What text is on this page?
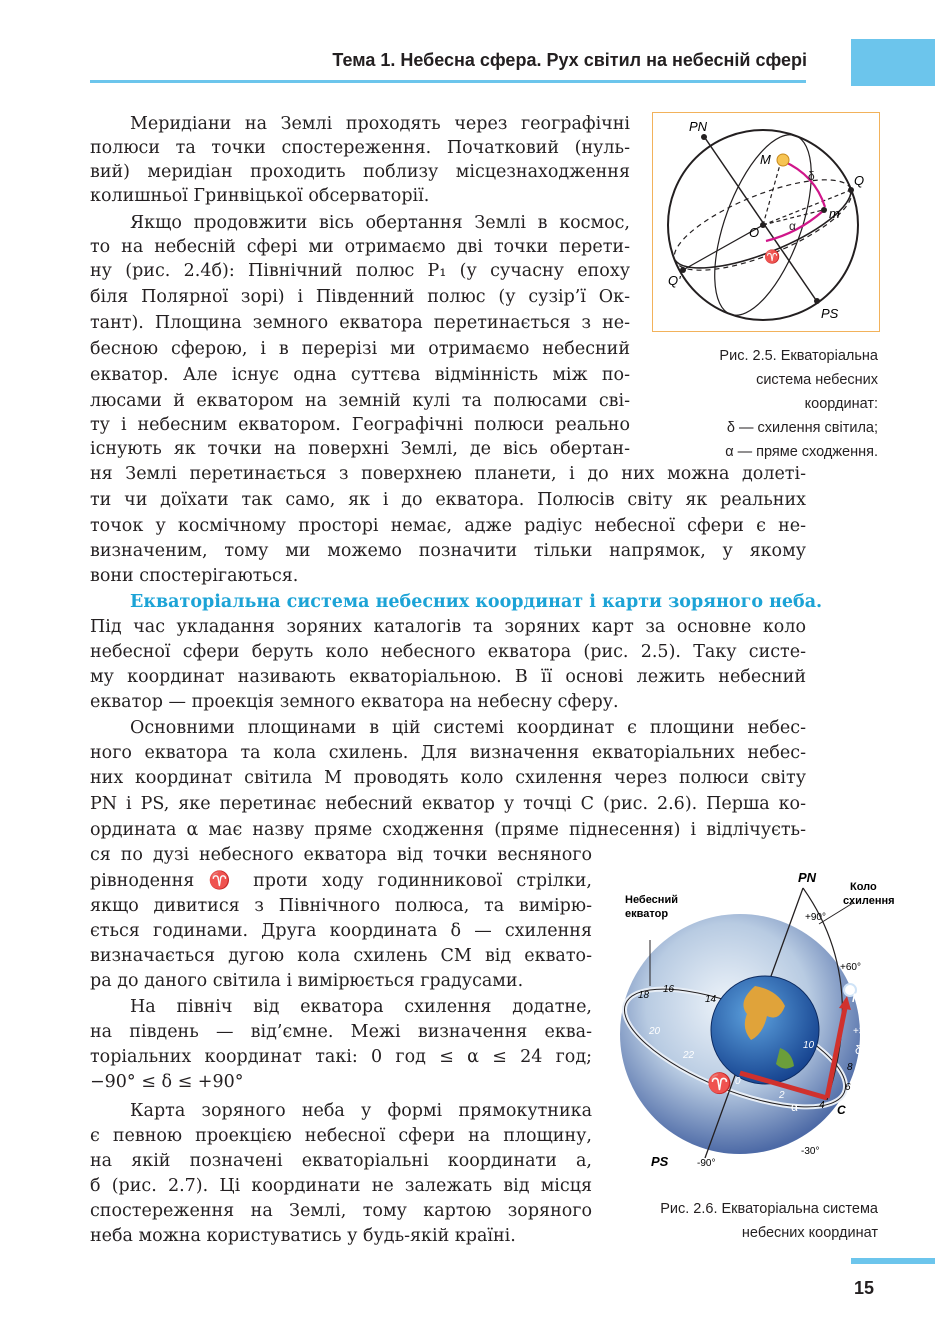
Тема 1. Небесна сфера. Рух світил на небесній сфері
Меридіани на Землі проходять через географічні
полюси та точки спостереження. Початковий (нуль-
вий) меридіан проходить поблизу місцезнаходження
колишньої Гринвіцької обсерваторії.
Якщо продовжити вісь обертання Землі в космос,
то на небесній сфері ми отримаємо дві точки перети-
ну (рис. 2.4б): Північний полюс P₁ (у сучасну епоху
біля Полярної зорі) і Південний полюс (у сузір’ї Ок-
тант). Площина земного екватора перетинається з не-
бесною сферою, і в перерізі ми отримаємо небесний
екватор. Але існує одна суттєва відмінність між по-
люсами й екватором на земній кулі та полюсами сві-
ту і небесним екватором. Географічні полюси реально
існують як точки на поверхні Землі, де вісь обертан-
ня Землі перетинається з поверхнею планети, і до них можна долеті-
ти чи доїхати так само, як і до екватора. Полюсів світу як реальних
точок у космічному просторі немає, адже радіус небесної сфери є не-
визначеним, тому ми можемо позначити тільки напрямок, у якому
вони спостерігаються.
Екваторіальна система небесних координат і карти зоряного неба.
Під час укладання зоряних каталогів та зоряних карт за основне коло
небесної сфери беруть коло небесного екватора (рис. 2.5). Таку систе-
му координат називають екваторіальною. В її основі лежить небесний
екватор — проекція земного екватора на небесну сферу.
Основними площинами в цій системі координат є площини небес-
ного екватора та кола схилень. Для визначення екваторіальних небес-
них координат світила M проводять коло схилення через полюси світу
PN і PS, яке перетинає небесний екватор у точці C (рис. 2.6). Перша ко-
ордината α має назву пряме сходження (пряме піднесення) і відлічуєть-
ся по дузі небесного екватора від точки весняного
рівнодення ♈ проти ходу годинникової стрілки,
якщо дивитися з Північного полюса, та вимірю-
ється годинами. Друга координата δ — схилення
визначається дугою кола схилень CM від еквато-
ра до даного світила і вимірюється градусами.
На північ від екватора схилення додатне,
на південь — від’ємне. Межі визначення еква-
торіальних координат такі: 0 год ≤ α ≤ 24 год;
−90° ≤ δ ≤ +90°
Карта зоряного неба у формі прямокутника
є певною проекцією небесної сфери на площину,
на якій позначені екваторіальні координати а,
б (рис. 2.7). Ці координати не залежать від місця
спостереження на Землі, тому картою зоряного
неба можна користуватись у будь-якій країні.
PN
PS
M
m
Q
Q'
O α
δ
♈
Рис. 2.5. Екваторіальна
система небесних
координат:
δ — схилення світила;
α — пряме сходження.
PN
PS
Небесний
екватор
Коло
схилення
+90°
+60°
+30°
-30°
-90°
M
C
δ
α
♈
18
16
14
20
22
0
2
4
6
8
10
Рис. 2.6. Екваторіальна система
небесних координат
15
